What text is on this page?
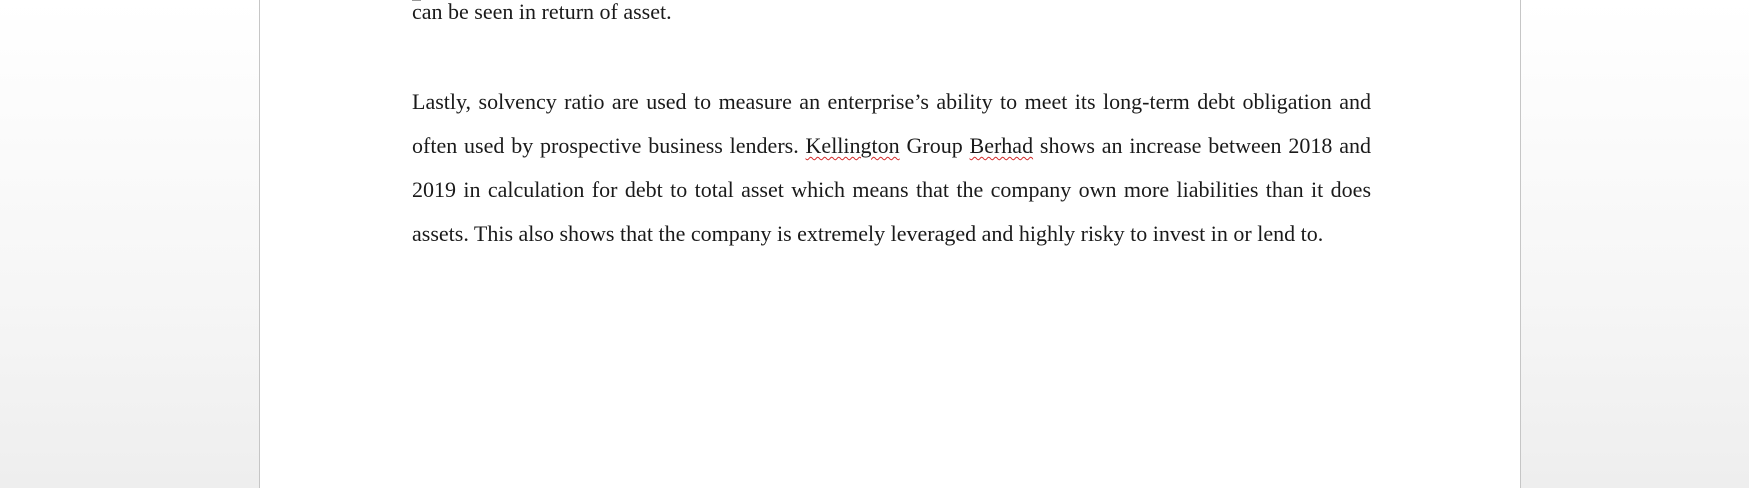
can be seen in return of asset.

Lastly, solvency ratio are used to measure an enterprise’s ability to meet its long-term debt obligation and often used by prospective business lenders. Kellington Group Berhad shows an increase between 2018 and 2019 in calculation for debt to total asset which means that the company own more liabilities than it does assets. This also shows that the company is extremely leveraged and highly risky to invest in or lend to.
